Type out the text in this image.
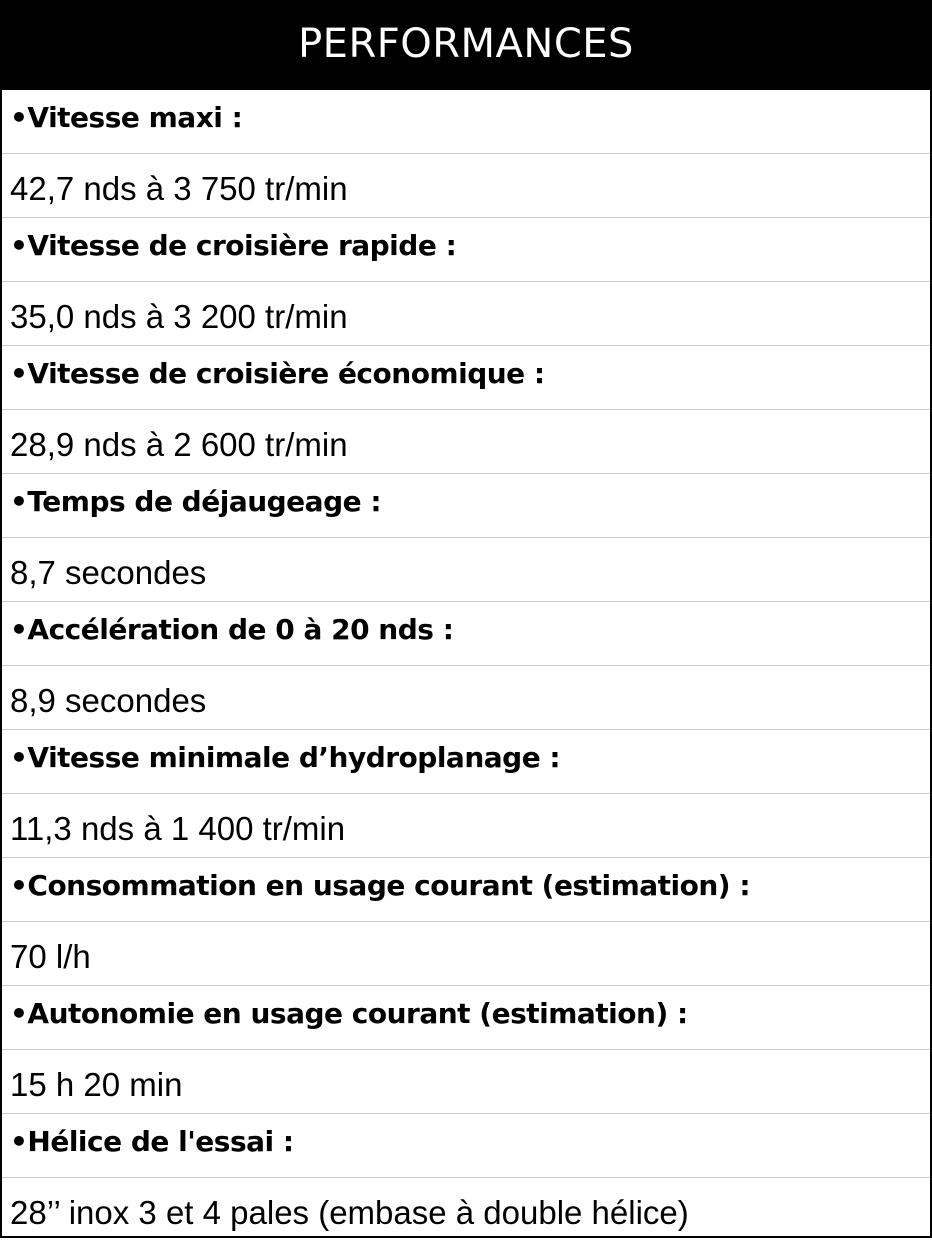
PERFORMANCES
•Vitesse maxi :
42,7 nds à 3 750 tr/min
•Vitesse de croisière rapide :
35,0 nds à 3 200 tr/min
•Vitesse de croisière économique :
28,9 nds à 2 600 tr/min
•Temps de déjaugeage :
8,7 secondes
•Accélération de 0 à 20 nds :
8,9 secondes
•Vitesse minimale d’hydroplanage :
11,3 nds à 1 400 tr/min
•Consommation en usage courant (estimation) :
70 l/h
•Autonomie en usage courant (estimation) :
15 h 20 min
•Hélice de l'essai :
28’’ inox 3 et 4 pales (embase à double hélice)
